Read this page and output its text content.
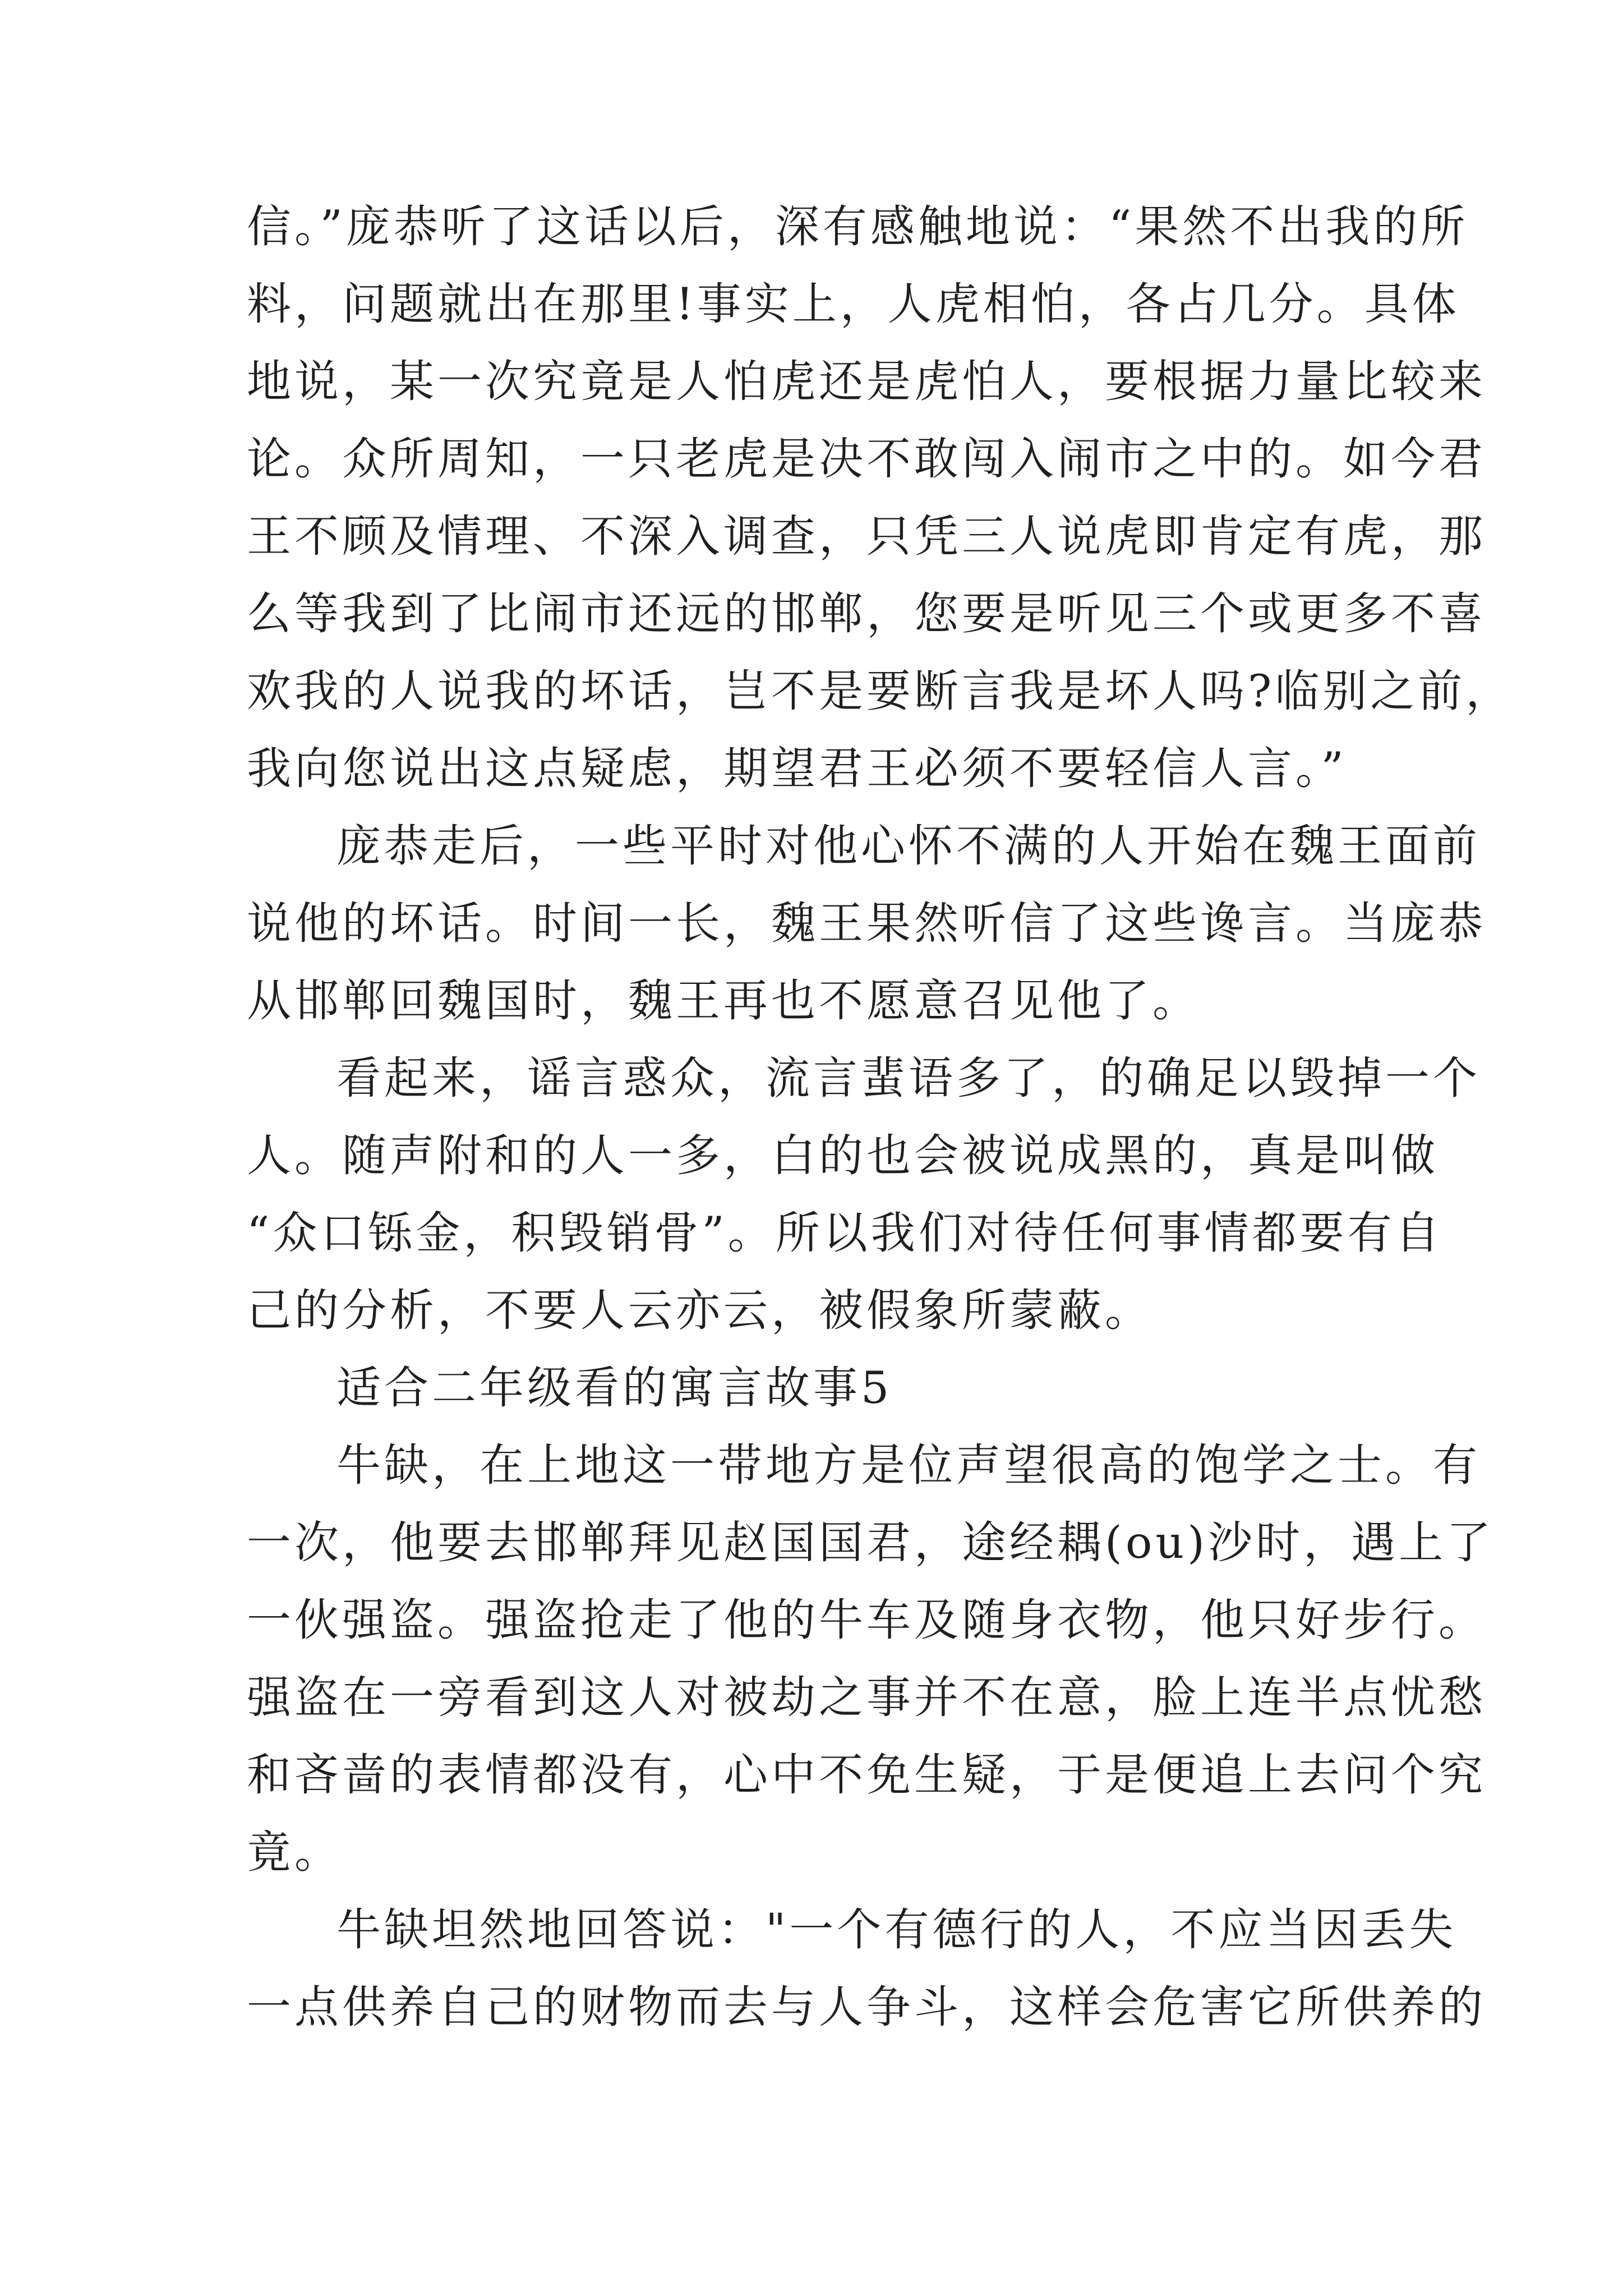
信。”庞恭听了这话以后，深有感触地说：“果然不出我的所
料，问题就出在那里!事实上，人虎相怕，各占几分。具体
地说，某一次究竟是人怕虎还是虎怕人，要根据力量比较来
论。众所周知，一只老虎是决不敢闯入闹市之中的。如今君
王不顾及情理、不深入调查，只凭三人说虎即肯定有虎，那
么等我到了比闹市还远的邯郸，您要是听见三个或更多不喜
欢我的人说我的坏话，岂不是要断言我是坏人吗?临别之前，
我向您说出这点疑虑，期望君王必须不要轻信人言。”
庞恭走后，一些平时对他心怀不满的人开始在魏王面前
说他的坏话。时间一长，魏王果然听信了这些谗言。当庞恭
从邯郸回魏国时，魏王再也不愿意召见他了。
看起来，谣言惑众，流言蜚语多了，的确足以毁掉一个
人。随声附和的人一多，白的也会被说成黑的，真是叫做
“众口铄金，积毁销骨”。所以我们对待任何事情都要有自
己的分析，不要人云亦云，被假象所蒙蔽。
适合二年级看的寓言故事5
牛缺，在上地这一带地方是位声望很高的饱学之士。有
一次，他要去邯郸拜见赵国国君，途经耦(ou)沙时，遇上了
一伙强盗。强盗抢走了他的牛车及随身衣物，他只好步行。
强盗在一旁看到这人对被劫之事并不在意，脸上连半点忧愁
和吝啬的表情都没有，心中不免生疑，于是便追上去问个究
竟。
牛缺坦然地回答说："一个有德行的人，不应当因丢失
一点供养自己的财物而去与人争斗，这样会危害它所供养的
